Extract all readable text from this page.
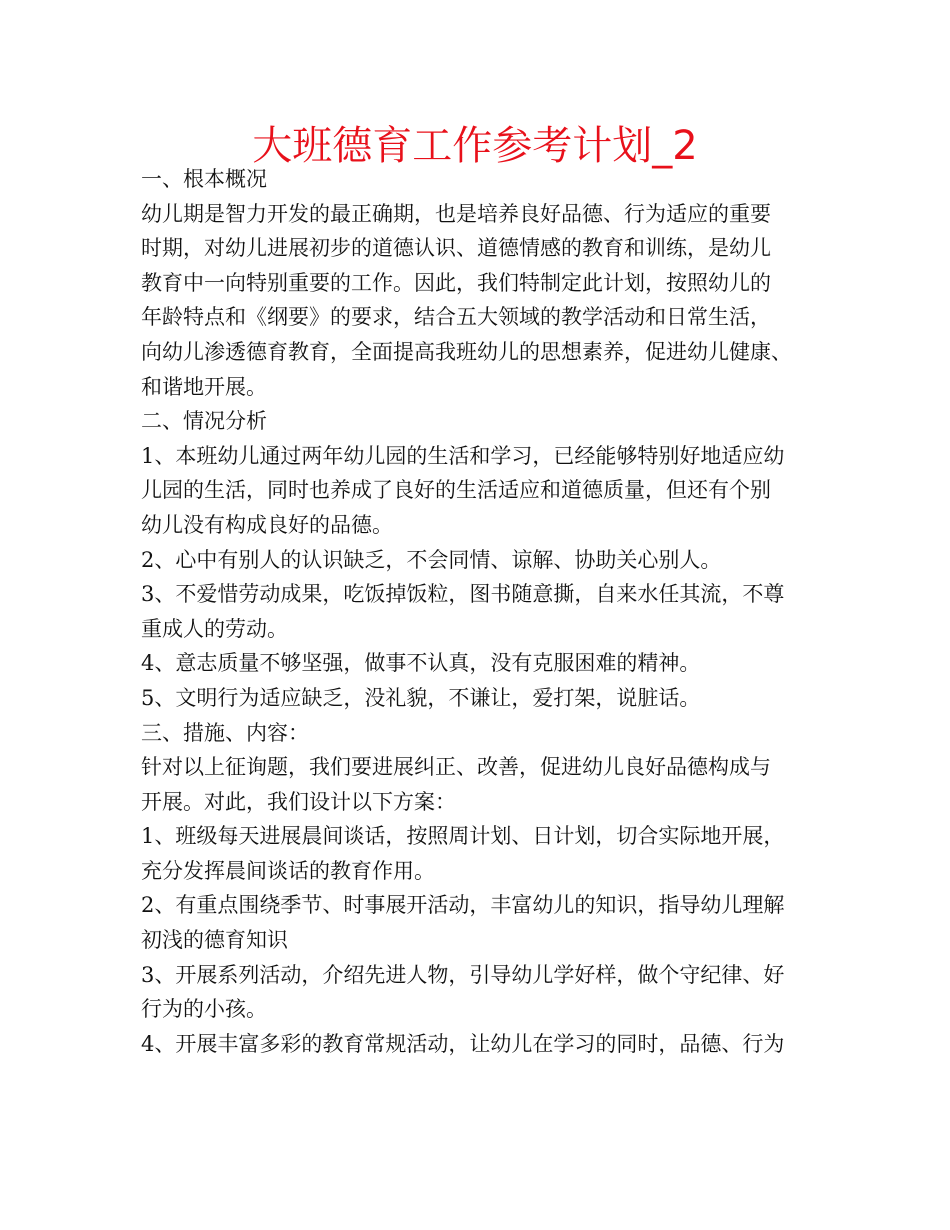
大班德育工作参考计划_2

一、根本概况

幼儿期是智力开发的最正确期，也是培养良好品德、行为适应的重要

时期，对幼儿进展初步的道德认识、道德情感的教育和训练，是幼儿

教育中一向特别重要的工作。因此，我们特制定此计划，按照幼儿的

年龄特点和《纲要》的要求，结合五大领域的教学活动和日常生活，

向幼儿渗透德育教育，全面提高我班幼儿的思想素养，促进幼儿健康、

和谐地开展。

二、情况分析

1、本班幼儿通过两年幼儿园的生活和学习，已经能够特别好地适应幼

儿园的生活，同时也养成了良好的生活适应和道德质量，但还有个别

幼儿没有构成良好的品德。

2、心中有别人的认识缺乏，不会同情、谅解、协助关心别人。

3、不爱惜劳动成果，吃饭掉饭粒，图书随意撕，自来水任其流，不尊

重成人的劳动。

4、意志质量不够坚强，做事不认真，没有克服困难的精神。

5、文明行为适应缺乏，没礼貌，不谦让，爱打架，说脏话。

三、措施、内容：

针对以上征询题，我们要进展纠正、改善，促进幼儿良好品德构成与

开展。对此，我们设计以下方案：

1、班级每天进展晨间谈话，按照周计划、日计划，切合实际地开展，

充分发挥晨间谈话的教育作用。

2、有重点围绕季节、时事展开活动，丰富幼儿的知识，指导幼儿理解

初浅的德育知识

3、开展系列活动，介绍先进人物，引导幼儿学好样，做个守纪律、好

行为的小孩。

4、开展丰富多彩的教育常规活动，让幼儿在学习的同时，品德、行为
